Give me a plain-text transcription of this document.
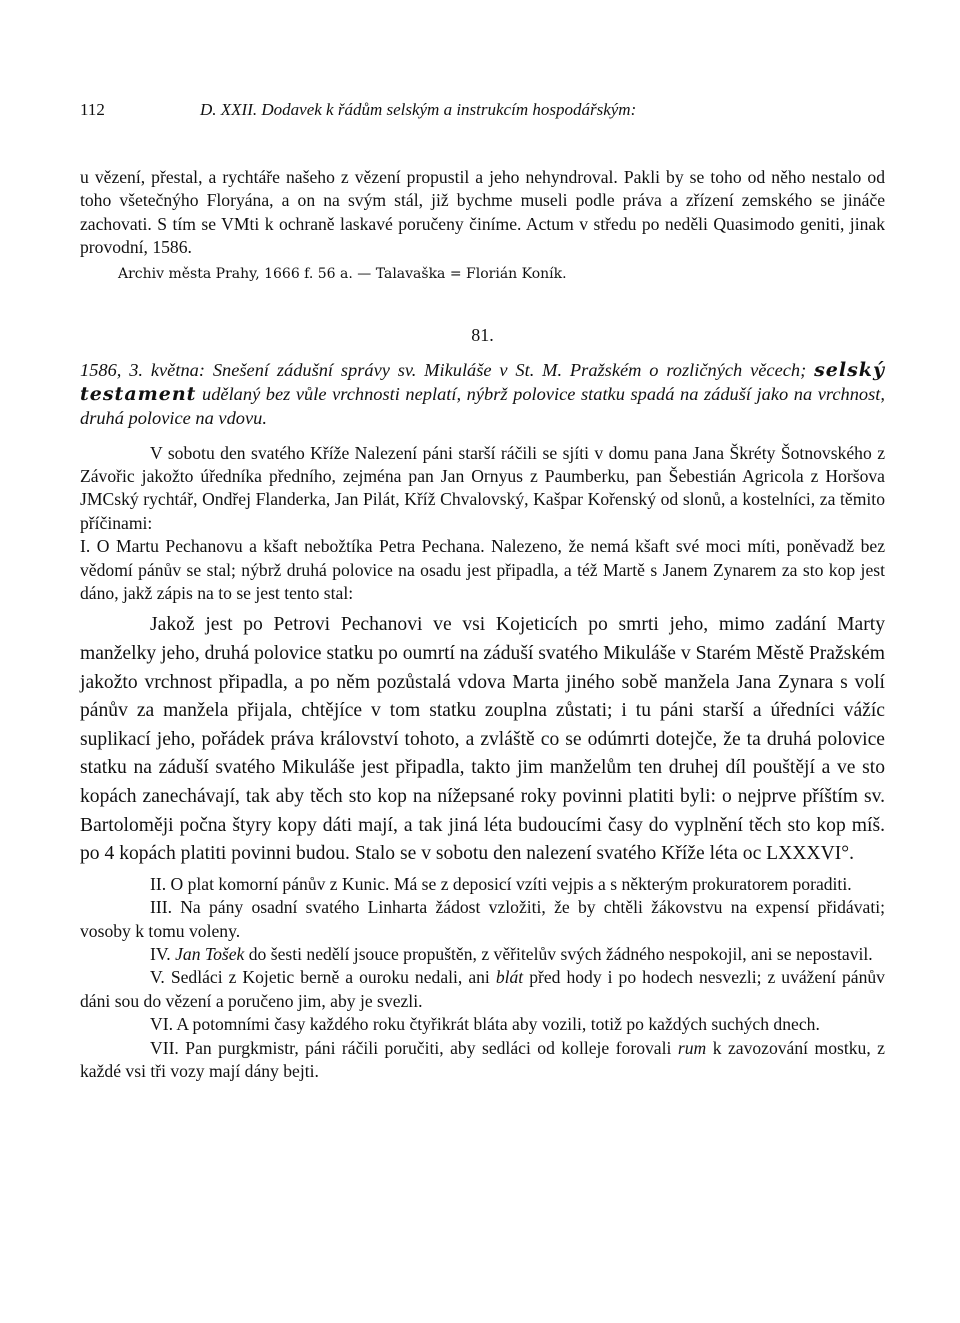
112	D. XXII. Dodavek k řádům selským a instrukcím hospodářským:

u vězení, přestal, a rychtáře našeho z vězení propustil a jeho nehyndroval. Pakli by se toho od něho nestalo od toho všetečnýho Floryána, a on na svým stál, již bychme museli podle práva a zřízení zemského se jináče zachovati. S tím se VMti k ochraně laskavé poručeny činíme. Actum v středu po neděli Quasimodo geniti, jinak provodní, 1586.

Archiv města Prahy, 1666 f. 56 a. — Talavaška = Florián Koník.

81.

1586, 3. května: Snešení zádušní správy sv. Mikuláše v St. M. Pražském o rozličných věcech; selský testament udělaný bez vůle vrchnosti neplatí, nýbrž polovice statku spadá na záduší jako na vrchnost, druhá polovice na vdovu.

V sobotu den svatého Kříže Nalezení páni starší ráčili se sjíti v domu pana Jana Škréty Šotnovského z Závořic jakožto úředníka předního, zejména pan Jan Ornyus z Paumberku, pan Šebestián Agricola z Horšova JMCský rychtář, Ondřej Flanderka, Jan Pilát, Kříž Chvalovský, Kašpar Kořenský od slonů, a kostelníci, za těmito příčinami:

I. O Martu Pechanovu a kšaft nebožtíka Petra Pechana. Nalezeno, že nemá kšaft své moci míti, poněvadž bez vědomí pánův se stal; nýbrž druhá polovice na osadu jest připadla, a též Martě s Janem Zynarem za sto kop jest dáno, jakž zápis na to se jest tento stal:

Jakož jest po Petrovi Pechanovi ve vsi Kojeticích po smrti jeho, mimo zadání Marty manželky jeho, druhá polovice statku po oumrtí na záduší svatého Mikuláše v Starém Městě Pražském jakožto vrchnost připadla, a po něm pozůstalá vdova Marta jiného sobě manžela Jana Zynara s volí pánův za manžela přijala, chtějíce v tom statku zouplna zůstati; i tu páni starší a úředníci vážíc suplikací jeho, pořádek práva království tohoto, a zvláště co se odúmrti dotejče, že ta druhá polovice statku na záduší svatého Mikuláše jest připadla, takto jim manželům ten druhej díl pouštějí a ve sto kopách zanechávají, tak aby těch sto kop na nížepsané roky povinni platiti byli: o nejprve příštím sv. Bartoloměji počna štyry kopy dáti mají, a tak jiná léta budoucími časy do vyplnění těch sto kop míš. po 4 kopách platiti povinni budou. Stalo se v sobotu den nalezení svatého Kříže léta oc LXXXVI°.

II. O plat komorní pánův z Kunic. Má se z deposicí vzíti vejpis a s některým prokuratorem poraditi.

III. Na pány osadní svatého Linharta žádost vzložiti, že by chtěli žákovstvu na expensí přidávati; vosoby k tomu voleny.

IV. Jan Tošek do šesti nedělí jsouce propuštěn, z věřitelův svých žádného nespokojil, ani se nepostavil.

V. Sedláci z Kojetic berně a ouroku nedali, ani blát před hody i po hodech nesvezli; z uvážení pánův dáni sou do vězení a poručeno jim, aby je svezli.

VI. A potomními časy každého roku čtyřikrát bláta aby vozili, totiž po každých suchých dnech.

VII. Pan purgkmistr, páni ráčili poručiti, aby sedláci od kolleje forovali rum k zavozování mostku, z každé vsi tři vozy mají dány bejti.
